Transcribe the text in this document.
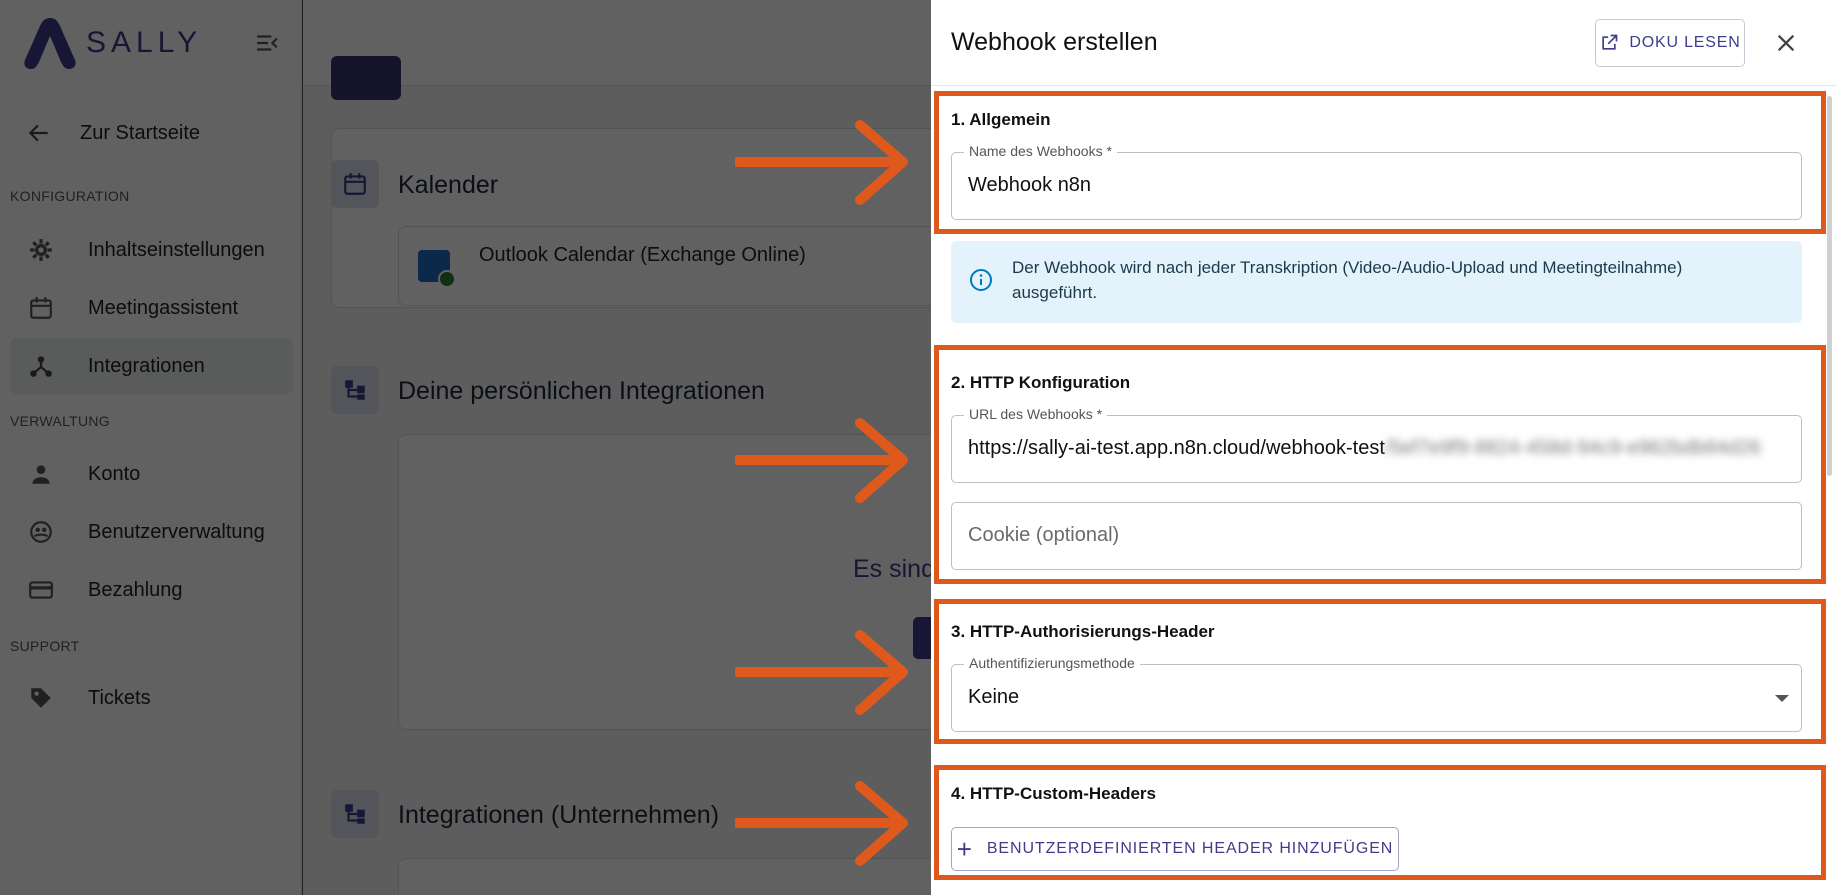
Webhook erstellen	DOKU LESEN
1. Allgemein
Name des Webhooks *
Webhook n8n
Der Webhook wird nach jeder Transkription (Video-/Audio-Upload und Meetingteilnahme) ausgeführt.
2. HTTP Konfiguration
URL des Webhooks *
https://sally-ai-test.app.n8n.cloud/webhook-test/5ef7e9f9-8824-458d-94c9-e962bdb84d26
Cookie (optional)
3. HTTP-Authorisierungs-Header
Authentifizierungsmethode
Keine
4. HTTP-Custom-Headers
+ BENUTZERDEFINIERTEN HEADER HINZUFÜGEN
